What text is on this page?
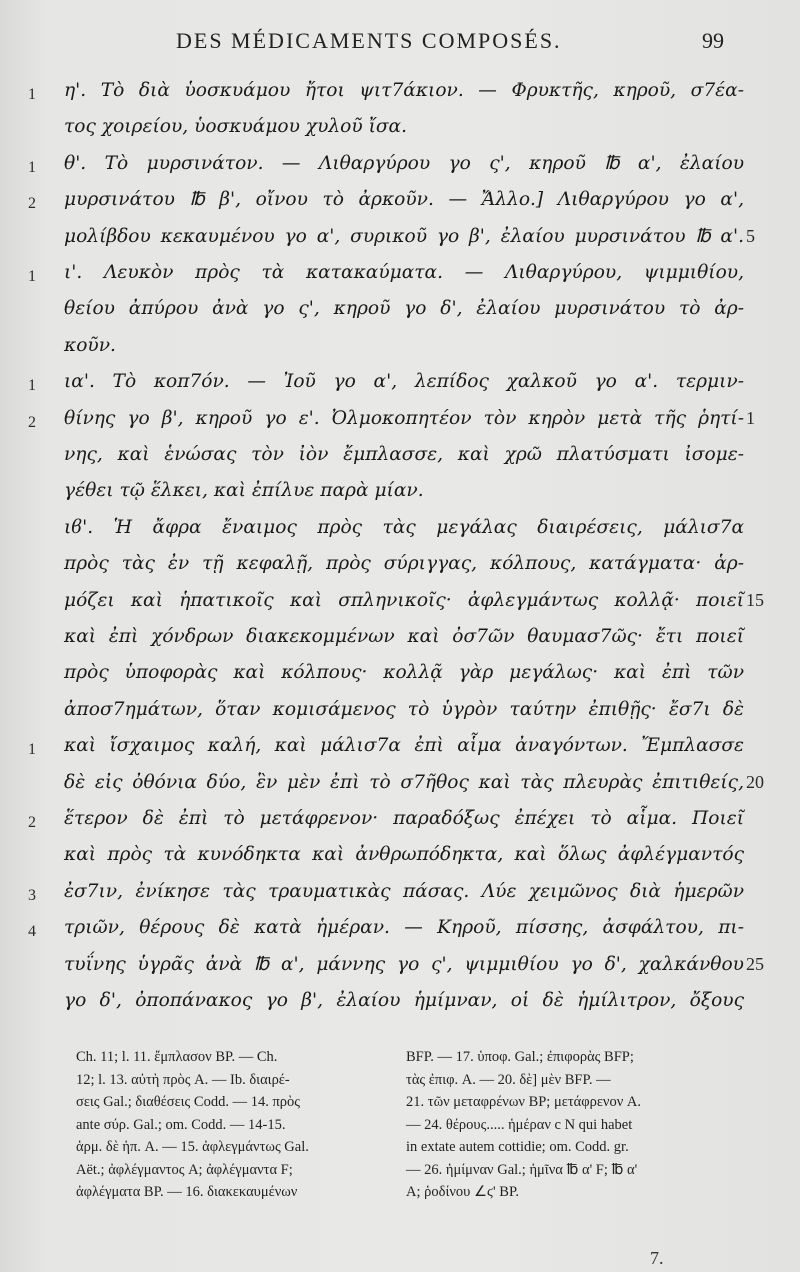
DES MÉDICAMENTS COMPOSÉS.	99
η'. Τὸ διὰ ὑοσκυάμου ἤτοι ψιτ7άκιον. — Φρυκτῆς, κηροῦ, σ7έα-
1
τος χοιρείου, ὑοσκυάμου χυλοῦ ἴσα.
θ'. Τὸ μυρσινάτον. — Λιθαργύρου γο ς', κηροῦ ℔ α', ἐλαίου
1
μυρσινάτου ℔ β', οἴνου τὸ ἀρκοῦν. — Ἄλλο.] Λιθαργύρου γο α',
2
μολίβδου κεκαυμένου γο α', συρικοῦ γο β', ἐλαίου μυρσινάτου ℔ α'. 5
ι'. Λευκὸν πρὸς τὰ κατακαύματα. — Λιθαργύρου, ψιμμιθίου,
1
θείου ἀπύρου ἀνὰ γο ς', κηροῦ γο δ', ἐλαίου μυρσινάτου τὸ ἀρ-
κοῦν.
ια'. Τὸ κοπ7όν. — Ἰοῦ γο α', λεπίδος χαλκοῦ γο α'. τερμιν-
1
θίνης γο β', κηροῦ γο ε'. Ὀλμοκοπητέον τὸν κηρὸν μετὰ τῆς ῥητί-
2	1
νης, καὶ ἑνώσας τὸν ἰὸν ἔμπλασσε, καὶ χρῶ πλατύσματι ἰσομε-
γέθει τῷ ἕλκει, καὶ ἐπίλυε παρὰ μίαν.
ιϐ'. Ἡ ἄφρα ἔναιμος πρὸς τὰς μεγάλας διαιρέσεις, μάλισ7α
πρὸς τὰς ἐν τῇ κεφαλῇ, πρὸς σύριγγας, κόλπους, κατάγματα· ἁρ-
μόζει καὶ ἡπατικοῖς καὶ σπληνικοῖς· ἀφλεγμάντως κολλᾷ· ποιεῖ 15
καὶ ἐπὶ χόνδρων διακεκομμένων καὶ ὀσ7ῶν θαυμασ7ῶς· ἔτι ποιεῖ
πρὸς ὑποφορὰς καὶ κόλπους· κολλᾷ γὰρ μεγάλως· καὶ ἐπὶ τῶν
ἀποσ7ημάτων, ὅταν κομισάμενος τὸ ὑγρὸν ταύτην ἐπιθῇς· ἔσ7ι δὲ
καὶ ἴσχαιμος καλή, καὶ μάλισ7α ἐπὶ αἷμα ἀναγόντων. Ἔμπλασσε
1
δὲ εἰς ὀθόνια δύο, ἓν μὲν ἐπὶ τὸ σ7ῆθος καὶ τὰς πλευρὰς ἐπιτιθείς, 20
ἕτερον δὲ ἐπὶ τὸ μετάφρενον· παραδόξως ἐπέχει τὸ αἷμα. Ποιεῖ
2
καὶ πρὸς τὰ κυνόδηκτα καὶ ἀνθρωπόδηκτα, καὶ ὅλως ἀφλέγμαντός
ἐσ7ιν, ἐνίκησε τὰς τραυματικὰς πάσας. Λύε χειμῶνος διὰ ἡμερῶν
3
τριῶν, θέρους δὲ κατὰ ἡμέραν. — Κηροῦ, πίσσης, ἀσφάλτου, πι-
4
τυΐνης ὑγρᾶς ἀνὰ ℔ α', μάννης γο ς', ψιμμιθίου γο δ', χαλκάνθου 25
γο δ', ὀποπάνακος γο β', ἐλαίου ἡμίμναν, οἱ δὲ ἡμίλιτρον, ὄξους
Ch. 11; l. 11. ἔμπλασον BP. — Ch.
12; l. 13. αὐτὴ πρὸς A. — Ib. διαιρέ-
σεις Gal.; διαθέσεις Codd. — 14. πρὸς
ante σύρ. Gal.; om. Codd. — 14-15.
ἁρμ. δὲ ἡπ. A. — 15. ἀφλεγμάντως Gal.
Aët.; ἀφλέγμαντος A; ἀφλέγμαντα F;
ἀφλέγματα BP. — 16. διακεκαυμένων
BFP. — 17. ὑποφ. Gal.; ἐπιφορὰς BFP;
τὰς ἐπιφ. A. — 20. δὲ] μὲν BFP. —
21. τῶν μεταφρένων BP; μετάφρενον A.
— 24. θέρους..... ἡμέραν c N qui habet
in extate autem cottidie; om. Codd. gr.
— 26. ἡμίμναν Gal.; ἡμῖνα ℔ α' F; ℔ α'
A; ῥοδίνου ∠ϛ' BP.
7.
